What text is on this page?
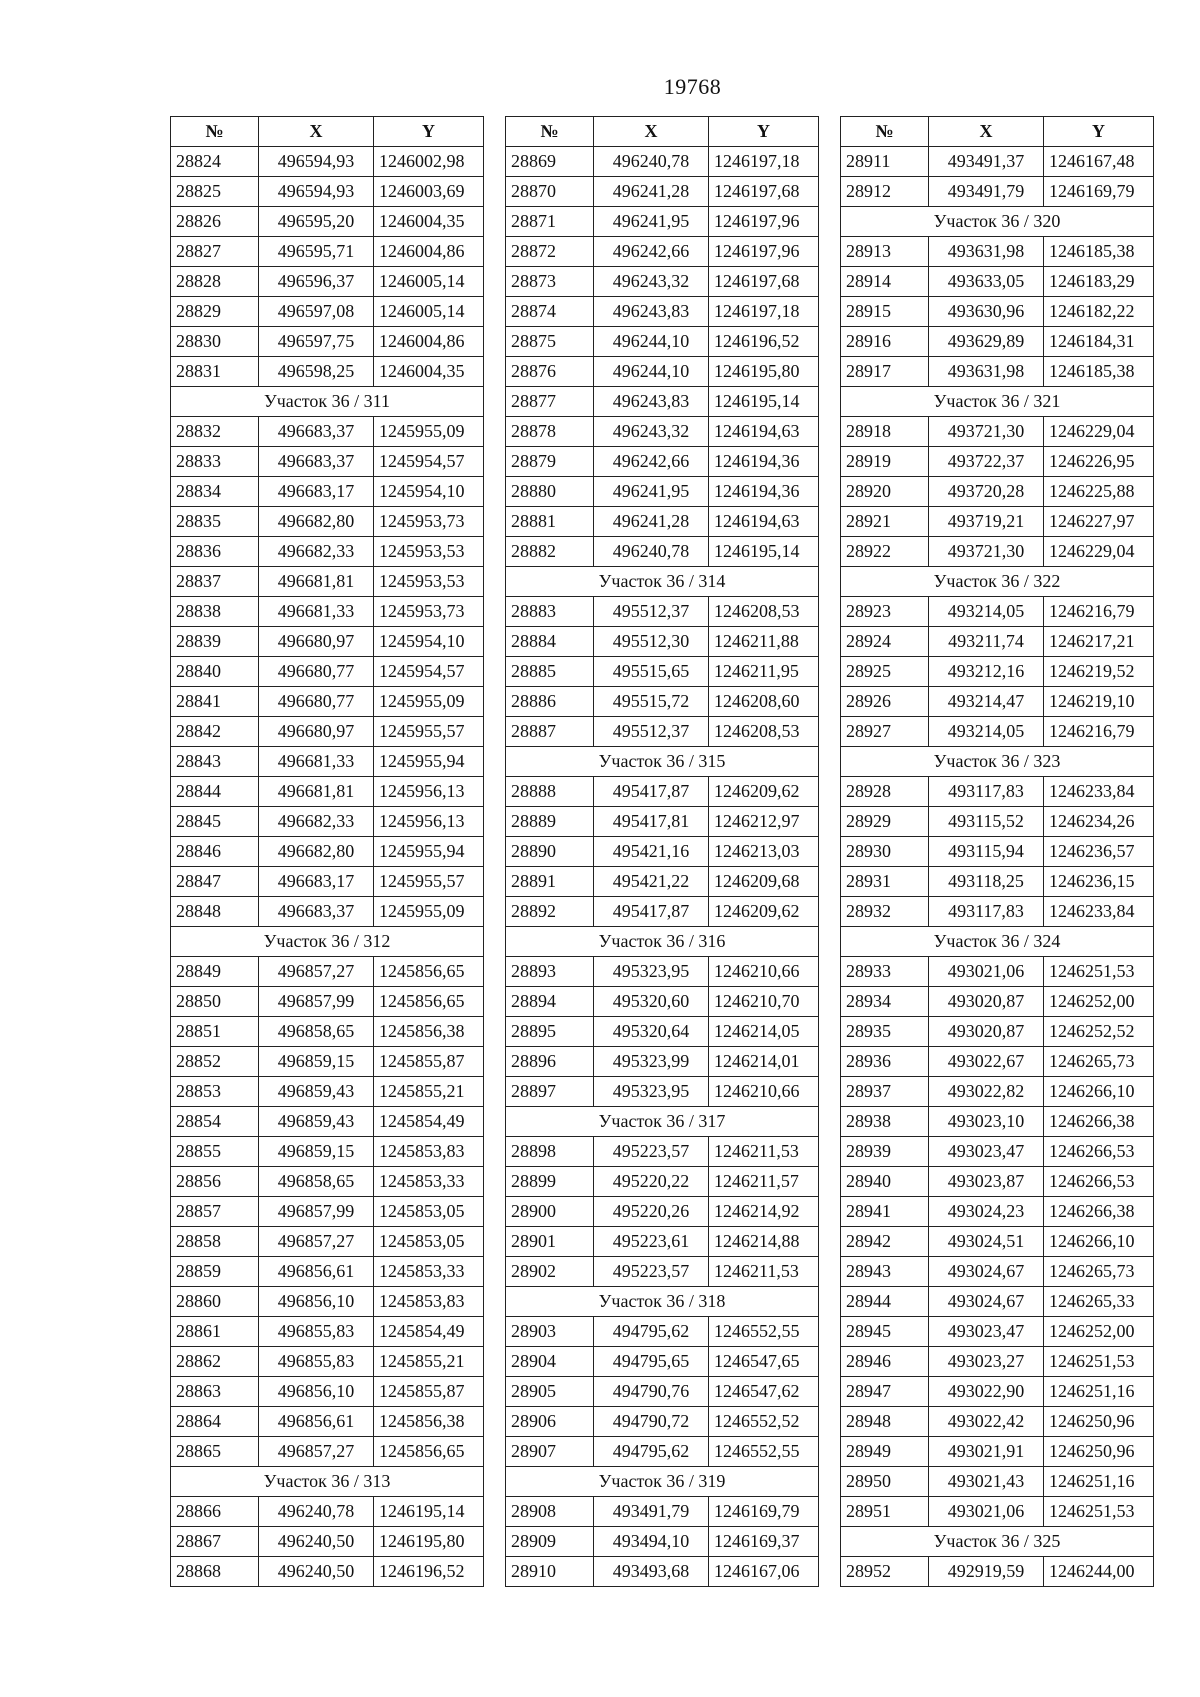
19768
№	X	Y
28824	496594,93	1246002,98
28825	496594,93	1246003,69
28826	496595,20	1246004,35
28827	496595,71	1246004,86
28828	496596,37	1246005,14
28829	496597,08	1246005,14
28830	496597,75	1246004,86
28831	496598,25	1246004,35
Участок 36 / 311		
28832	496683,37	1245955,09
28833	496683,37	1245954,57
28834	496683,17	1245954,10
28835	496682,80	1245953,73
28836	496682,33	1245953,53
28837	496681,81	1245953,53
28838	496681,33	1245953,73
28839	496680,97	1245954,10
28840	496680,77	1245954,57
28841	496680,77	1245955,09
28842	496680,97	1245955,57
28843	496681,33	1245955,94
28844	496681,81	1245956,13
28845	496682,33	1245956,13
28846	496682,80	1245955,94
28847	496683,17	1245955,57
28848	496683,37	1245955,09
Участок 36 / 312		
28849	496857,27	1245856,65
28850	496857,99	1245856,65
28851	496858,65	1245856,38
28852	496859,15	1245855,87
28853	496859,43	1245855,21
28854	496859,43	1245854,49
28855	496859,15	1245853,83
28856	496858,65	1245853,33
28857	496857,99	1245853,05
28858	496857,27	1245853,05
28859	496856,61	1245853,33
28860	496856,10	1245853,83
28861	496855,83	1245854,49
28862	496855,83	1245855,21
28863	496856,10	1245855,87
28864	496856,61	1245856,38
28865	496857,27	1245856,65
Участок 36 / 313		
28866	496240,78	1246195,14
28867	496240,50	1246195,80
28868	496240,50	1246196,52
№	X	Y
28869	496240,78	1246197,18
28870	496241,28	1246197,68
28871	496241,95	1246197,96
28872	496242,66	1246197,96
28873	496243,32	1246197,68
28874	496243,83	1246197,18
28875	496244,10	1246196,52
28876	496244,10	1246195,80
28877	496243,83	1246195,14
28878	496243,32	1246194,63
28879	496242,66	1246194,36
28880	496241,95	1246194,36
28881	496241,28	1246194,63
28882	496240,78	1246195,14
Участок 36 / 314		
28883	495512,37	1246208,53
28884	495512,30	1246211,88
28885	495515,65	1246211,95
28886	495515,72	1246208,60
28887	495512,37	1246208,53
Участок 36 / 315		
28888	495417,87	1246209,62
28889	495417,81	1246212,97
28890	495421,16	1246213,03
28891	495421,22	1246209,68
28892	495417,87	1246209,62
Участок 36 / 316		
28893	495323,95	1246210,66
28894	495320,60	1246210,70
28895	495320,64	1246214,05
28896	495323,99	1246214,01
28897	495323,95	1246210,66
Участок 36 / 317		
28898	495223,57	1246211,53
28899	495220,22	1246211,57
28900	495220,26	1246214,92
28901	495223,61	1246214,88
28902	495223,57	1246211,53
Участок 36 / 318		
28903	494795,62	1246552,55
28904	494795,65	1246547,65
28905	494790,76	1246547,62
28906	494790,72	1246552,52
28907	494795,62	1246552,55
Участок 36 / 319		
28908	493491,79	1246169,79
28909	493494,10	1246169,37
28910	493493,68	1246167,06
№	X	Y
28911	493491,37	1246167,48
28912	493491,79	1246169,79
Участок 36 / 320		
28913	493631,98	1246185,38
28914	493633,05	1246183,29
28915	493630,96	1246182,22
28916	493629,89	1246184,31
28917	493631,98	1246185,38
Участок 36 / 321		
28918	493721,30	1246229,04
28919	493722,37	1246226,95
28920	493720,28	1246225,88
28921	493719,21	1246227,97
28922	493721,30	1246229,04
Участок 36 / 322		
28923	493214,05	1246216,79
28924	493211,74	1246217,21
28925	493212,16	1246219,52
28926	493214,47	1246219,10
28927	493214,05	1246216,79
Участок 36 / 323		
28928	493117,83	1246233,84
28929	493115,52	1246234,26
28930	493115,94	1246236,57
28931	493118,25	1246236,15
28932	493117,83	1246233,84
Участок 36 / 324		
28933	493021,06	1246251,53
28934	493020,87	1246252,00
28935	493020,87	1246252,52
28936	493022,67	1246265,73
28937	493022,82	1246266,10
28938	493023,10	1246266,38
28939	493023,47	1246266,53
28940	493023,87	1246266,53
28941	493024,23	1246266,38
28942	493024,51	1246266,10
28943	493024,67	1246265,73
28944	493024,67	1246265,33
28945	493023,47	1246252,00
28946	493023,27	1246251,53
28947	493022,90	1246251,16
28948	493022,42	1246250,96
28949	493021,91	1246250,96
28950	493021,43	1246251,16
28951	493021,06	1246251,53
Участок 36 / 325		
28952	492919,59	1246244,00
